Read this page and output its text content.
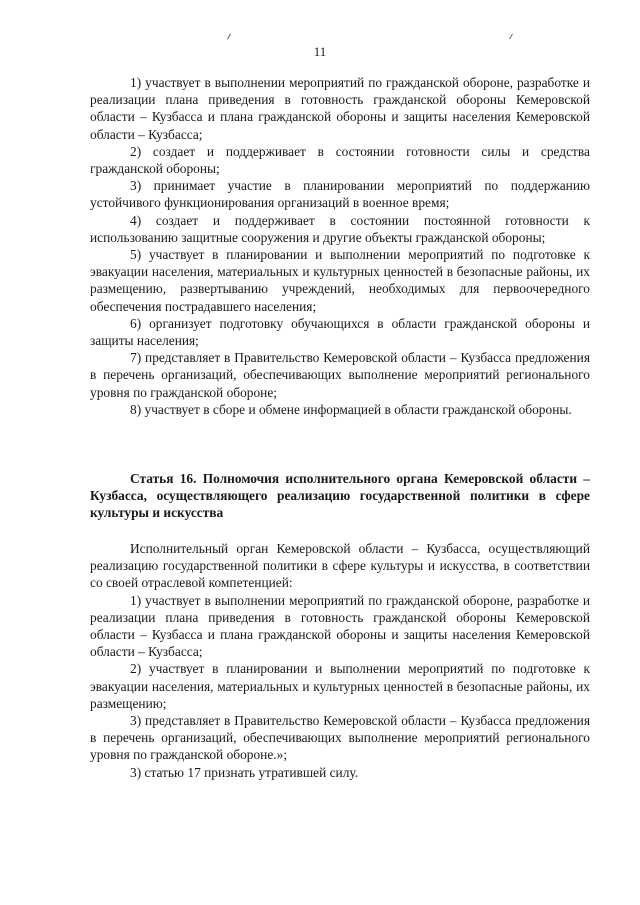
11

1) участвует в выполнении мероприятий по гражданской обороне, разработке и реализации плана приведения в готовность гражданской обороны Кемеровской области – Кузбасса и плана гражданской обороны и защиты населения Кемеровской области – Кузбасса;

2) создает и поддерживает в состоянии готовности силы и средства гражданской обороны;

3) принимает участие в планировании мероприятий по поддержанию устойчивого функционирования организаций в военное время;

4) создает и поддерживает в состоянии постоянной готовности к использованию защитные сооружения и другие объекты гражданской обороны;

5) участвует в планировании и выполнении мероприятий по подготовке к эвакуации населения, материальных и культурных ценностей в безопасные районы, их размещению, развертыванию учреждений, необходимых для первоочередного обеспечения пострадавшего населения;

6) организует подготовку обучающихся в области гражданской обороны и защиты населения;

7) представляет в Правительство Кемеровской области – Кузбасса предложения в перечень организаций, обеспечивающих выполнение мероприятий регионального уровня по гражданской обороне;

8) участвует в сборе и обмене информацией в области гражданской обороны.

Статья 16. Полномочия исполнительного органа Кемеровской области – Кузбасса, осуществляющего реализацию государственной политики в сфере культуры и искусства

Исполнительный орган Кемеровской области – Кузбасса, осуществляющий реализацию государственной политики в сфере культуры и искусства, в соответствии со своей отраслевой компетенцией:

1) участвует в выполнении мероприятий по гражданской обороне, разработке и реализации плана приведения в готовность гражданской обороны Кемеровской области – Кузбасса и плана гражданской обороны и защиты населения Кемеровской области – Кузбасса;

2) участвует в планировании и выполнении мероприятий по подготовке к эвакуации населения, материальных и культурных ценностей в безопасные районы, их размещению;

3) представляет в Правительство Кемеровской области – Кузбасса предложения в перечень организаций, обеспечивающих выполнение мероприятий регионального уровня по гражданской обороне.»;

3) статью 17 признать утратившей силу.
